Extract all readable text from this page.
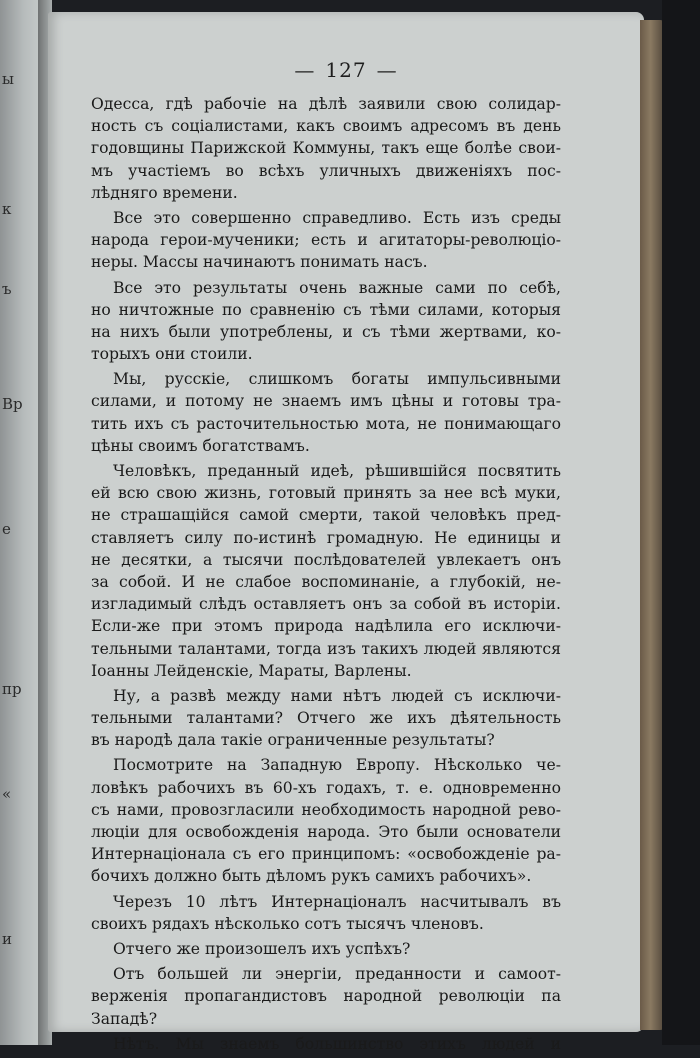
ы
к
ъ
Вр
е
пр
«
и
— 127 —
Одесса, гдѣ рабочіе на дѣлѣ заявили свою солидар-
ность съ соціалистами, какъ своимъ адресомъ въ день
годовщины Парижской Коммуны, такъ еще болѣе свои-
мъ участіемъ во всѣхъ уличныхъ движеніяхъ пос-
лѣдняго времени.
Все это совершенно справедливо. Есть изъ среды
народа герои-мученики; есть и агитаторы-революціо-
неры. Массы начинаютъ понимать насъ.
Все это результаты очень важные сами по себѣ,
но ничтожные по сравненію съ тѣми силами, которыя
на нихъ были употреблены, и съ тѣми жертвами, ко-
торыхъ они стоили.
Мы, русскіе, слишкомъ богаты импульсивными
силами, и потому не знаемъ имъ цѣны и готовы тра-
тить ихъ съ расточительностью мота, не понимающаго
цѣны своимъ богатствамъ.
Человѣкъ, преданный идеѣ, рѣшившійся посвятить
ей всю свою жизнь, готовый принять за нее всѣ муки,
не страшащійся самой смерти, такой человѣкъ пред-
ставляетъ силу по-истинѣ громадную. Не единицы и
не десятки, а тысячи послѣдователей увлекаетъ онъ
за собой. И не слабое воспоминаніе, а глубокій, не-
изгладимый слѣдъ оставляетъ онъ за собой въ исторіи.
Если-же при этомъ природа надѣлила его исключи-
тельными талантами, тогда изъ такихъ людей являются
Іоанны Лейденскіе, Мараты, Варлены.
Ну, а развѣ между нами нѣтъ людей съ исключи-
тельными талантами? Отчего же ихъ дѣятельность
въ народѣ дала такіе ограниченные результаты?
Посмотрите на Западную Европу. Нѣсколько че-
ловѣкъ рабочихъ въ 60-хъ годахъ, т. е. одновременно
съ нами, провозгласили необходимость народной рево-
люціи для освобожденія народа. Это были основатели
Интернаціонала съ его принципомъ: «освобожденіе ра-
бочихъ должно быть дѣломъ рукъ самихъ рабочихъ».
Черезъ 10 лѣтъ Интернаціоналъ насчитывалъ въ
своихъ рядахъ нѣсколько сотъ тысячъ членовъ.
Отчего же произошелъ ихъ успѣхъ?
Отъ большей ли энергіи, преданности и самоот-
верженія пропагандистовъ народной революціи па
Западѣ?
Нѣтъ. Мы знаемъ большинство этихъ людей и
